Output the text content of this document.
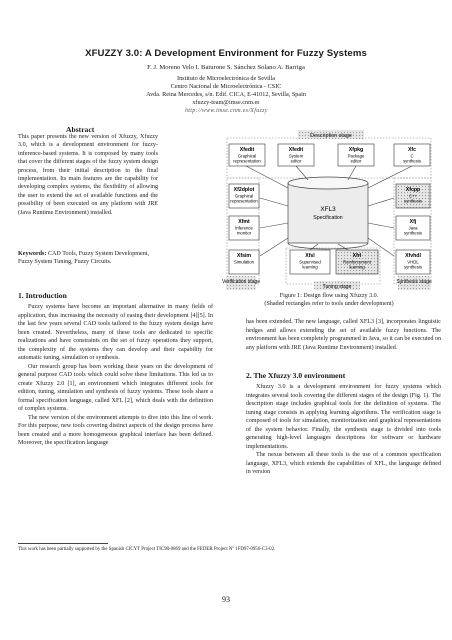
XFUZZY 3.0: A Development Environment for Fuzzy Systems
F. J. Moreno Velo I. Baturone S. Sánchez Solano A. Barriga
Instituto de Microelectrónica de Sevilla
Centro Nacional de Microelectrónica - CSIC
Avda. Reina Mercedes, s/n. Edif. CICA, E-41012, Sevilla, Spain
xfuzzy-team@imse.cnm.es
http://www.imse.cnm.es/Xfuzzy
Abstract
This paper presents the new version of Xfuzzy, Xfuzzy 3.0, which is a development environment for fuzzy-inference-based systems. It is composed by many tools that cover the different stages of the fuzzy system design process, from their initial description to the final implementation. Its main features are the capability for developing complex systems, the flexibility of allowing the user to extend the set of available functions and the possibility of been executed on any platform with JRE (Java Runtime Environment) installed.
Keywords: CAD Tools, Fuzzy System Development, Fuzzy System Tuning, Fuzzy Circuits.
1. Introduction

Fuzzy systems have become an important alternative in many fields of application, thus increasing the necessity of easing their development [4][5]. In the last few years several CAD tools tailored to the fuzzy system design have been created. Nevertheless, many of these tools are dedicated to specific realizations and have constraints on the set of fuzzy operations they support, the complexity of the systems they can develop and their capability for automatic tuning, simulation or synthesis.

Our research group has been working these years on the development of general purpose CAD tools which could solve these limitations. This led us to create Xfuzzy 2.0 [1], an environment which integrates different tools for edition, tuning, simulation and synthesis of fuzzy systems. These tools share a formal specification language, called XFL [2], which deals with the definition of complex systems.

The new version of the environment attempts to dive into this line of work. For this purpose, new tools covering distinct aspects of the design process have been created and a more homogeneous graphical interface has been defined. Moreover, the specification language

Description stage
Verification stage
Tuning stage
Synthesis stage
XFL3
Specification
Xfedit
Graphical
representation
Xfedit
System
editor
Xfpkg
Package
editor
Xfc
C
synthesis
Xf2dplot
Graphical
representation
Xfcpp
C++
synthesis
Xfmt
Inference
monitor
Xfj
Java
synthesis
Xfsim
Simulation
Xfsl
Supervised
learning
Xfrl
Reinforcement
learning
Xfvhdl
VHDL
synthesis
Figure 1: Design flow using Xfuzzy 3.0.
(Shaded rectangles refer to tools under development)

has been extended. The new language, called XFL3 [3], incorporates linguistic hedges and allows extending the set of available fuzzy functions. The environment has been completely programmed in Java, so it can be executed on any platform with JRE (Java Runtime Environment) installed.

2. The Xfuzzy 3.0 environment

Xfuzzy 3.0 is a development environment for fuzzy systems which integrates several tools covering the different stages of the design (Fig. 1). The description stage includes graphical tools for the definition of systems. The tuning stage consists in applying learning algorithms. The verification stage is composed of tools for simulation, monitorization and graphical representations of the system behavior. Finally, the synthesis stage is divided into tools generating high-level languages descriptions for software or hardware implementations.

The nexus between all these tools is the use of a common specification language, XFL3, which extends the capabilities of XFL, the language defined in version

This work has been partially supported by the Spanish CICYT Project TIC98-0869 and the FEDER Project Nº 1FD97-0956-C3-02.
93
